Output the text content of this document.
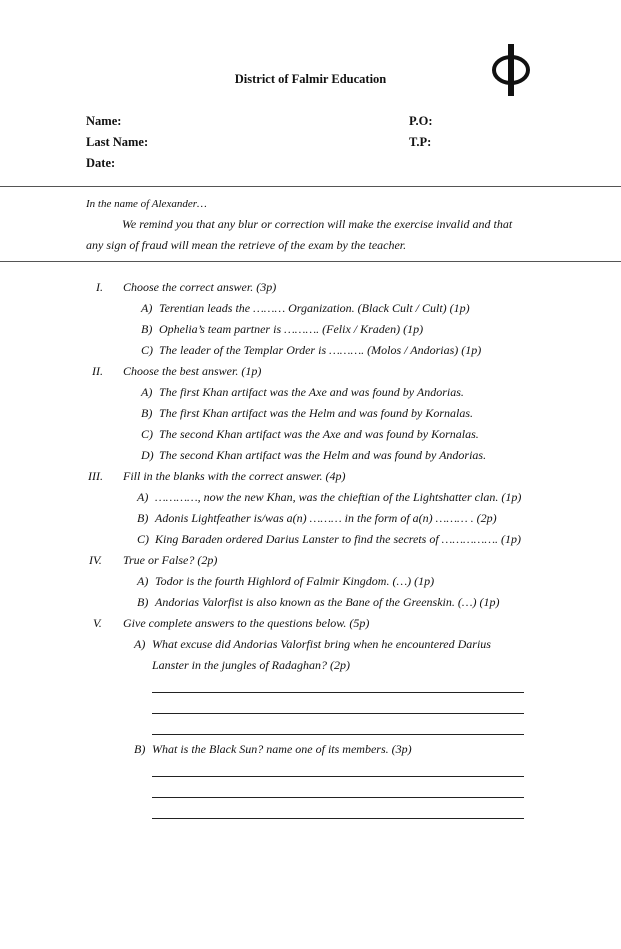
District of Falmir Education
Name:
Last Name:
Date:
P.O:
T.P:
In the name of Alexander…
We remind you that any blur or correction will make the exercise invalid and that
any sign of fraud will mean the retrieve of the exam by the teacher.
I. Choose the correct answer. (3p)
A) Terentian leads the ……… Organization. (Black Cult / Cult) (1p)
B) Ophelia’s team partner is ………. (Felix / Kraden) (1p)
C) The leader of the Templar Order is ………. (Molos / Andorias) (1p)
II. Choose the best answer. (1p)
A) The first Khan artifact was the Axe and was found by Andorias.
B) The first Khan artifact was the Helm and was found by Kornalas.
C) The second Khan artifact was the Axe and was found by Kornalas.
D) The second Khan artifact was the Helm and was found by Andorias.
III. Fill in the blanks with the correct answer. (4p)
A) …………, now the new Khan, was the chieftian of the Lightshatter clan. (1p)
B) Adonis Lightfeather is/was a(n) ……… in the form of a(n) ……… . (2p)
C) King Baraden ordered Darius Lanster to find the secrets of ……………. (1p)
IV. True or False? (2p)
A) Todor is the fourth Highlord of Falmir Kingdom. (…) (1p)
B) Andorias Valorfist is also known as the Bane of the Greenskin. (…) (1p)
V. Give complete answers to the questions below. (5p)
A) What excuse did Andorias Valorfist bring when he encountered Darius
Lanster in the jungles of Radaghan? (2p)
B) What is the Black Sun? name one of its members. (3p)
